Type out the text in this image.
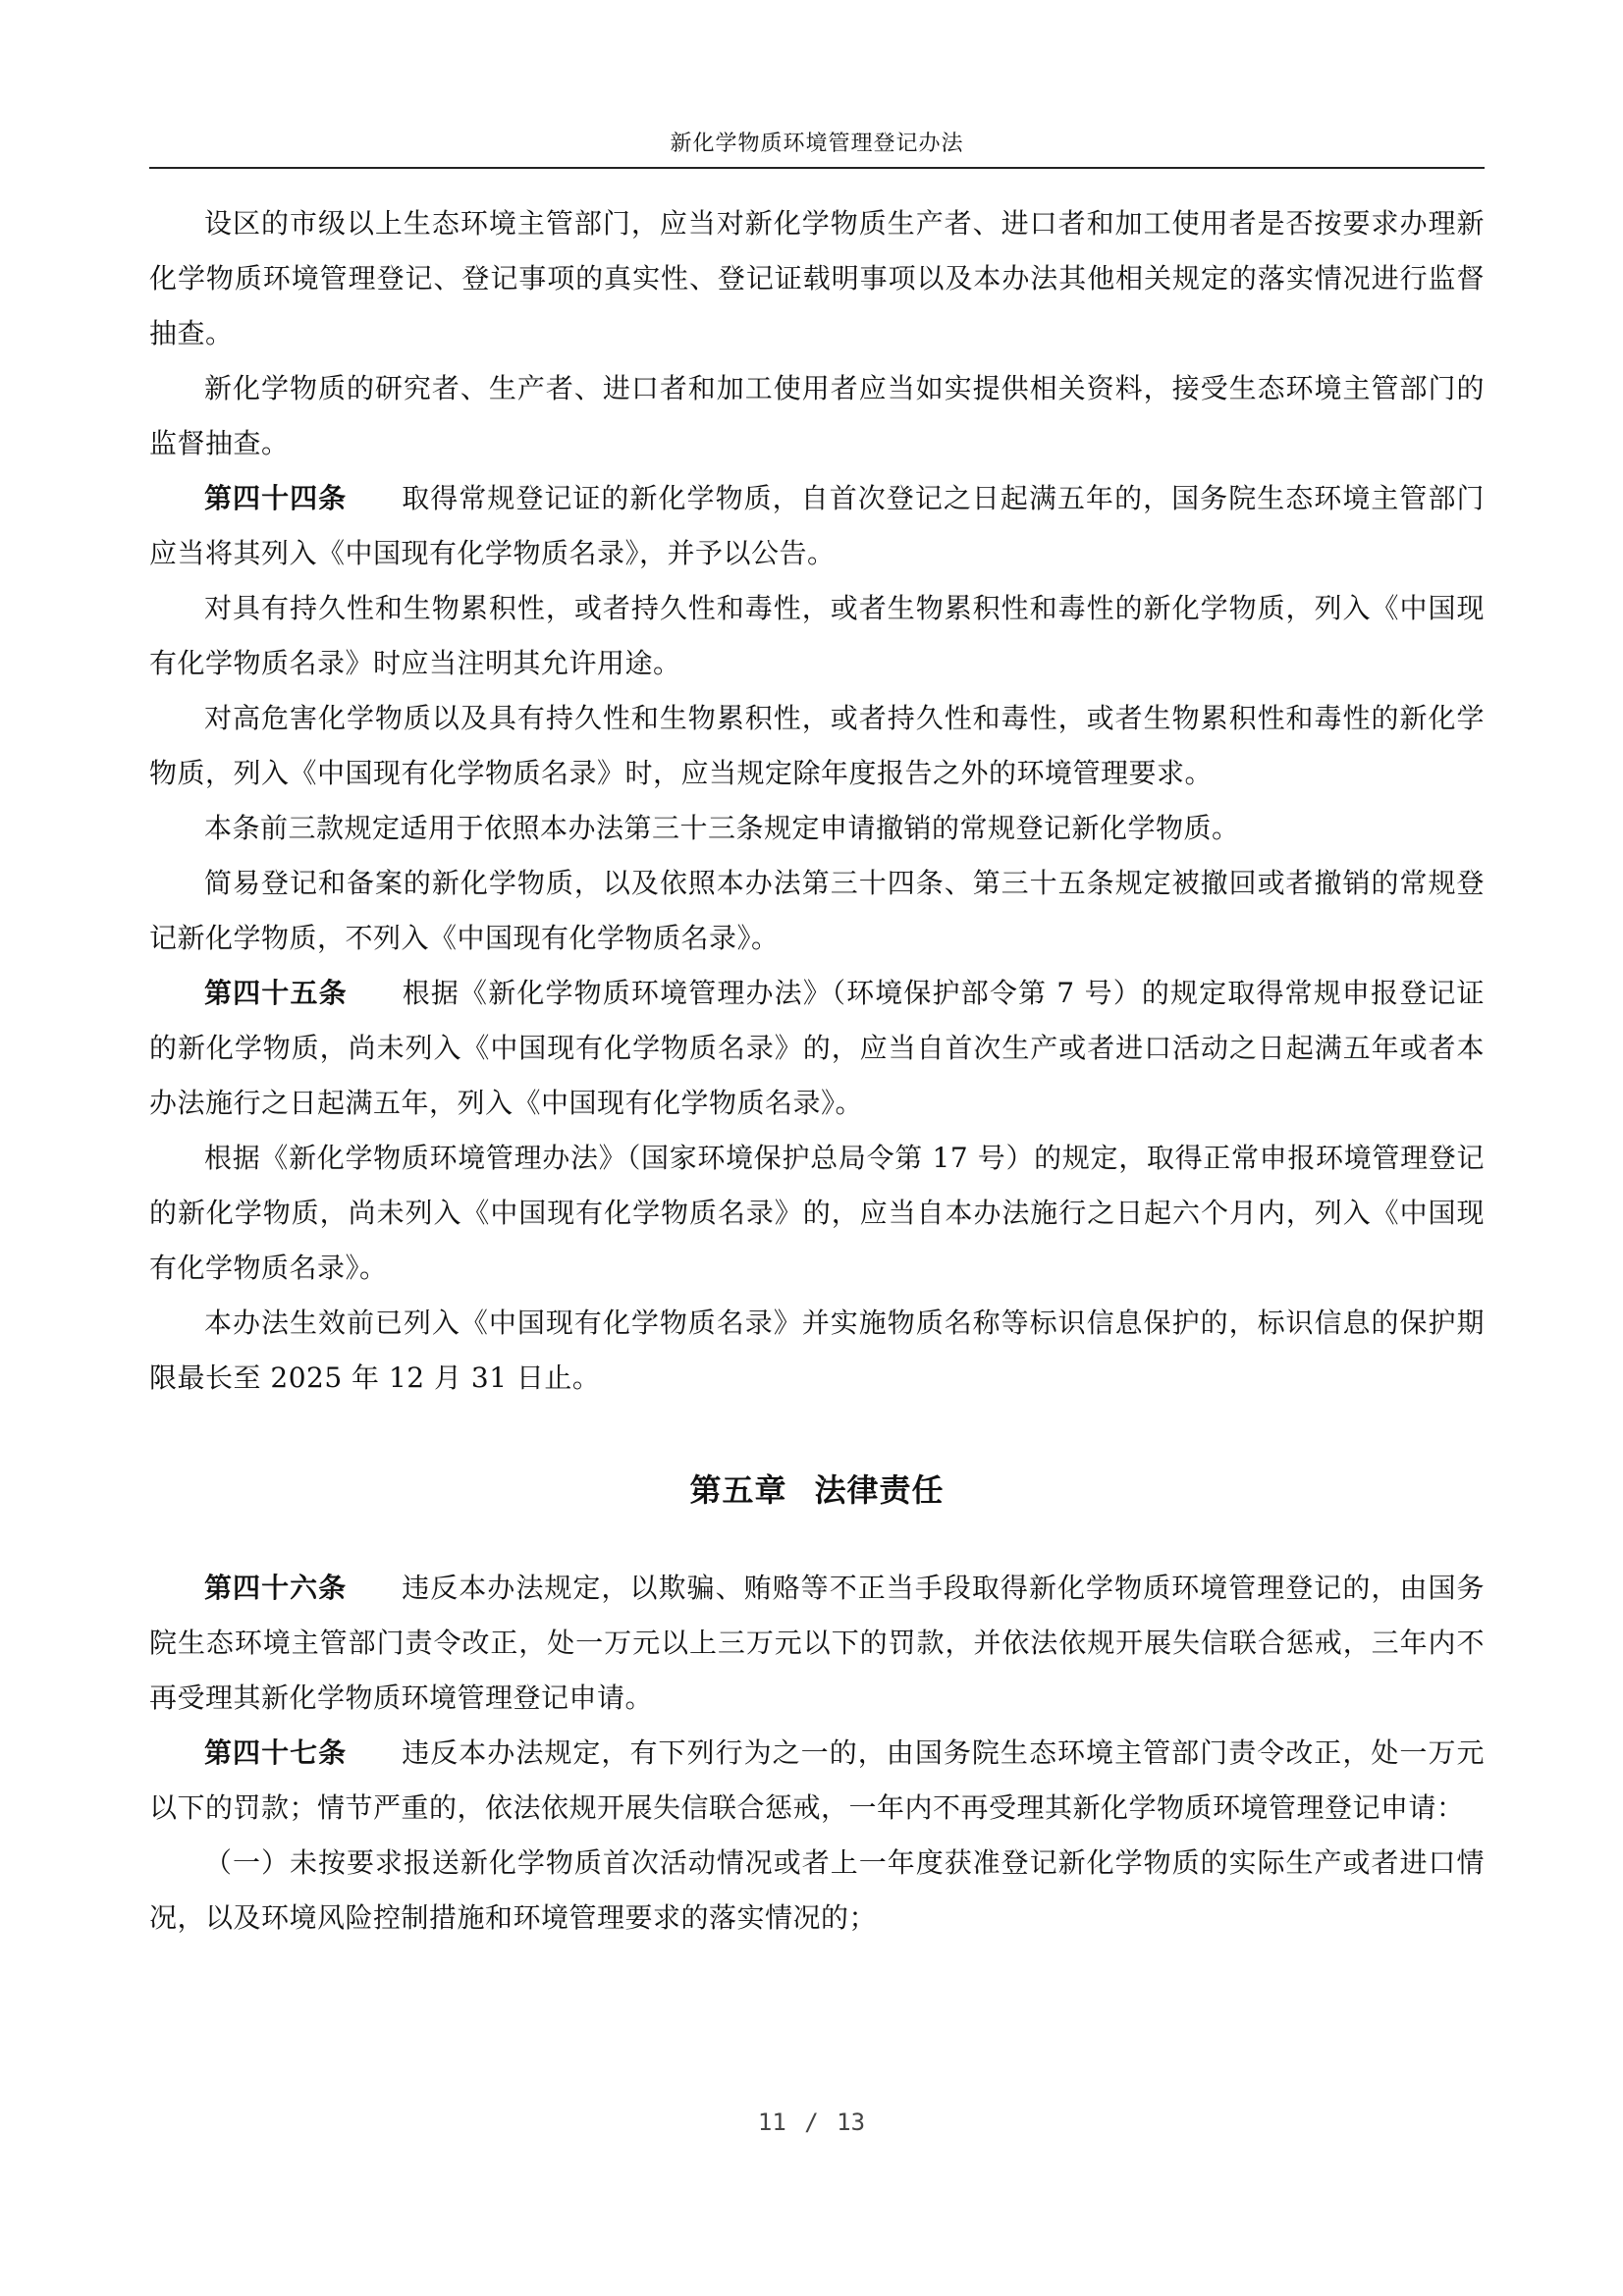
新化学物质环境管理登记办法

设区的市级以上生态环境主管部门，应当对新化学物质生产者、进口者和加工使用者是否按要求办理新化学物质环境管理登记、登记事项的真实性、登记证载明事项以及本办法其他相关规定的落实情况进行监督抽查。

新化学物质的研究者、生产者、进口者和加工使用者应当如实提供相关资料，接受生态环境主管部门的监督抽查。

第四十四条 取得常规登记证的新化学物质，自首次登记之日起满五年的，国务院生态环境主管部门应当将其列入《中国现有化学物质名录》，并予以公告。

对具有持久性和生物累积性，或者持久性和毒性，或者生物累积性和毒性的新化学物质，列入《中国现有化学物质名录》时应当注明其允许用途。

对高危害化学物质以及具有持久性和生物累积性，或者持久性和毒性，或者生物累积性和毒性的新化学物质，列入《中国现有化学物质名录》时，应当规定除年度报告之外的环境管理要求。

本条前三款规定适用于依照本办法第三十三条规定申请撤销的常规登记新化学物质。

简易登记和备案的新化学物质，以及依照本办法第三十四条、第三十五条规定被撤回或者撤销的常规登记新化学物质，不列入《中国现有化学物质名录》。

第四十五条 根据《新化学物质环境管理办法》（环境保护部令第 7 号）的规定取得常规申报登记证的新化学物质，尚未列入《中国现有化学物质名录》的，应当自首次生产或者进口活动之日起满五年或者本办法施行之日起满五年，列入《中国现有化学物质名录》。

根据《新化学物质环境管理办法》（国家环境保护总局令第 17 号）的规定，取得正常申报环境管理登记的新化学物质，尚未列入《中国现有化学物质名录》的，应当自本办法施行之日起六个月内，列入《中国现有化学物质名录》。

本办法生效前已列入《中国现有化学物质名录》并实施物质名称等标识信息保护的，标识信息的保护期限最长至 2025 年 12 月 31 日止。

第五章 法律责任

第四十六条 违反本办法规定，以欺骗、贿赂等不正当手段取得新化学物质环境管理登记的，由国务院生态环境主管部门责令改正，处一万元以上三万元以下的罚款，并依法依规开展失信联合惩戒，三年内不再受理其新化学物质环境管理登记申请。

第四十七条 违反本办法规定，有下列行为之一的，由国务院生态环境主管部门责令改正，处一万元以下的罚款；情节严重的，依法依规开展失信联合惩戒，一年内不再受理其新化学物质环境管理登记申请：

（一）未按要求报送新化学物质首次活动情况或者上一年度获准登记新化学物质的实际生产或者进口情况，以及环境风险控制措施和环境管理要求的落实情况的；

11 / 13
